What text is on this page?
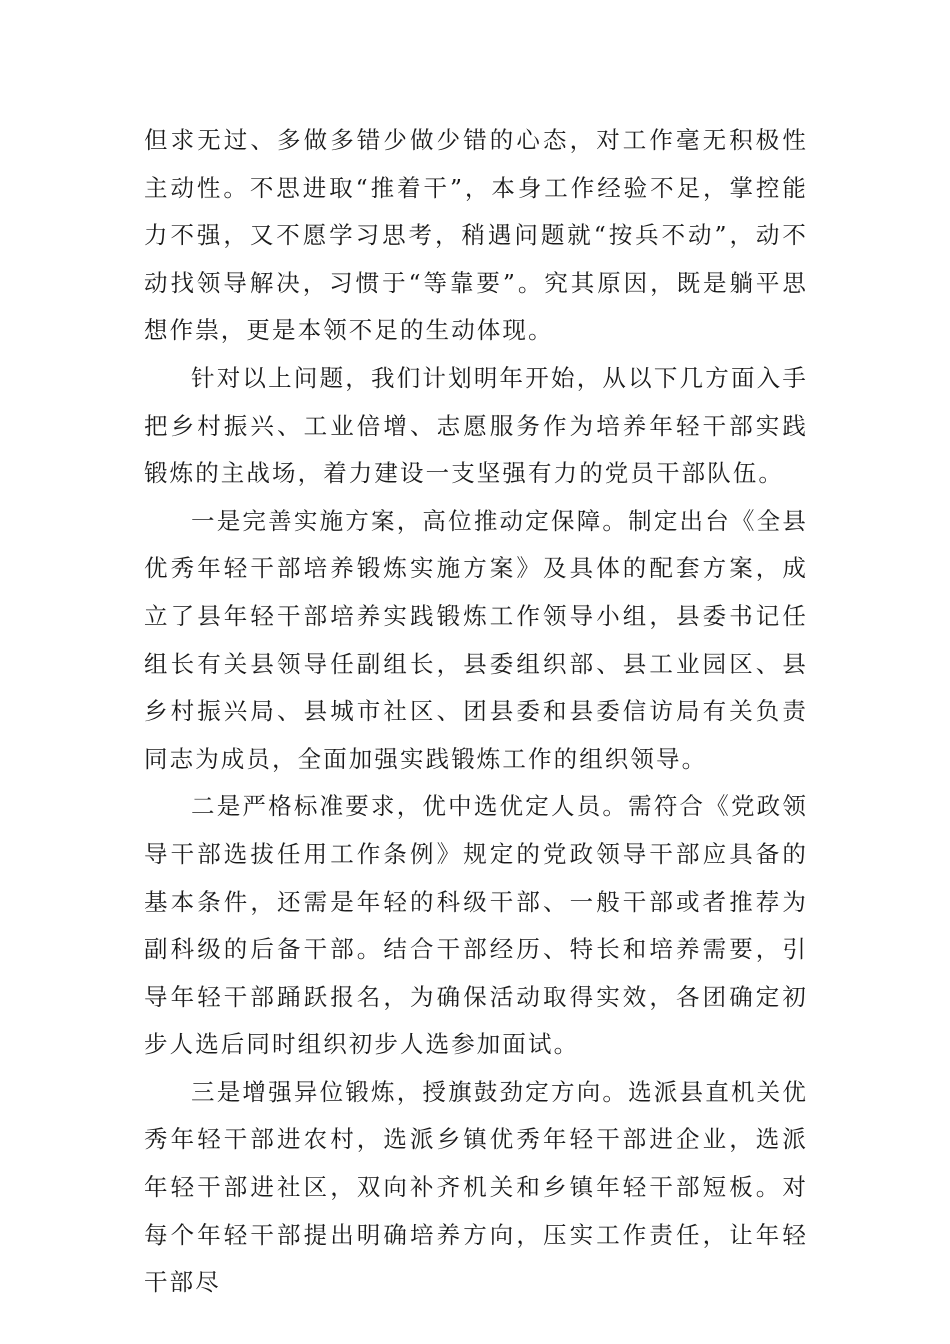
但求无过、多做多错少做少错的心态，对工作毫无积极性主动性。不思进取“推着干”，本身工作经验不足，掌控能力不强，又不愿学习思考，稍遇问题就“按兵不动”，动不动找领导解决，习惯于“等靠要”。究其原因，既是躺平思想作祟，更是本领不足的生动体现。

针对以上问题，我们计划明年开始，从以下几方面入手把乡村振兴、工业倍增、志愿服务作为培养年轻干部实践锻炼的主战场，着力建设一支坚强有力的党员干部队伍。

一是完善实施方案，高位推动定保障。制定出台《全县优秀年轻干部培养锻炼实施方案》及具体的配套方案，成立了县年轻干部培养实践锻炼工作领导小组，县委书记任组长有关县领导任副组长，县委组织部、县工业园区、县乡村振兴局、县城市社区、团县委和县委信访局有关负责同志为成员，全面加强实践锻炼工作的组织领导。

二是严格标准要求，优中选优定人员。需符合《党政领导干部选拔任用工作条例》规定的党政领导干部应具备的基本条件，还需是年轻的科级干部、一般干部或者推荐为副科级的后备干部。结合干部经历、特长和培养需要，引导年轻干部踊跃报名，为确保活动取得实效，各团确定初步人选后同时组织初步人选参加面试。

三是增强异位锻炼，授旗鼓劲定方向。选派县直机关优秀年轻干部进农村，选派乡镇优秀年轻干部进企业，选派年轻干部进社区，双向补齐机关和乡镇年轻干部短板。对每个年轻干部提出明确培养方向，压实工作责任，让年轻干部尽
